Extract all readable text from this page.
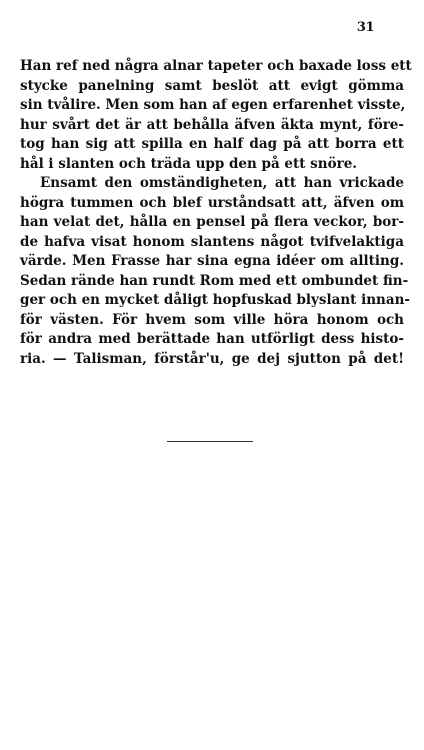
31
Han ref ned några alnar tapeter och baxade loss ett
stycke panelning samt beslöt att evigt gömma
sin tvålire. Men som han af egen erfarenhet visste,
hur svårt det är att behålla äfven äkta mynt, före-
tog han sig att spilla en half dag på att borra ett
hål i slanten och träda upp den på ett snöre.
Ensamt den omständigheten, att han vrickade
högra tummen och blef urståndsatt att, äfven om
han velat det, hålla en pensel på flera veckor, bor-
de hafva visat honom slantens något tvifvelaktiga
värde. Men Frasse har sina egna idéer om allting.
Sedan rände han rundt Rom med ett ombundet fin-
ger och en mycket dåligt hopfuskad blyslant innan-
för västen. För hvem som ville höra honom och
för andra med berättade han utförligt dess histo-
ria. — Talisman, förstår'u, ge dej sjutton på det!
